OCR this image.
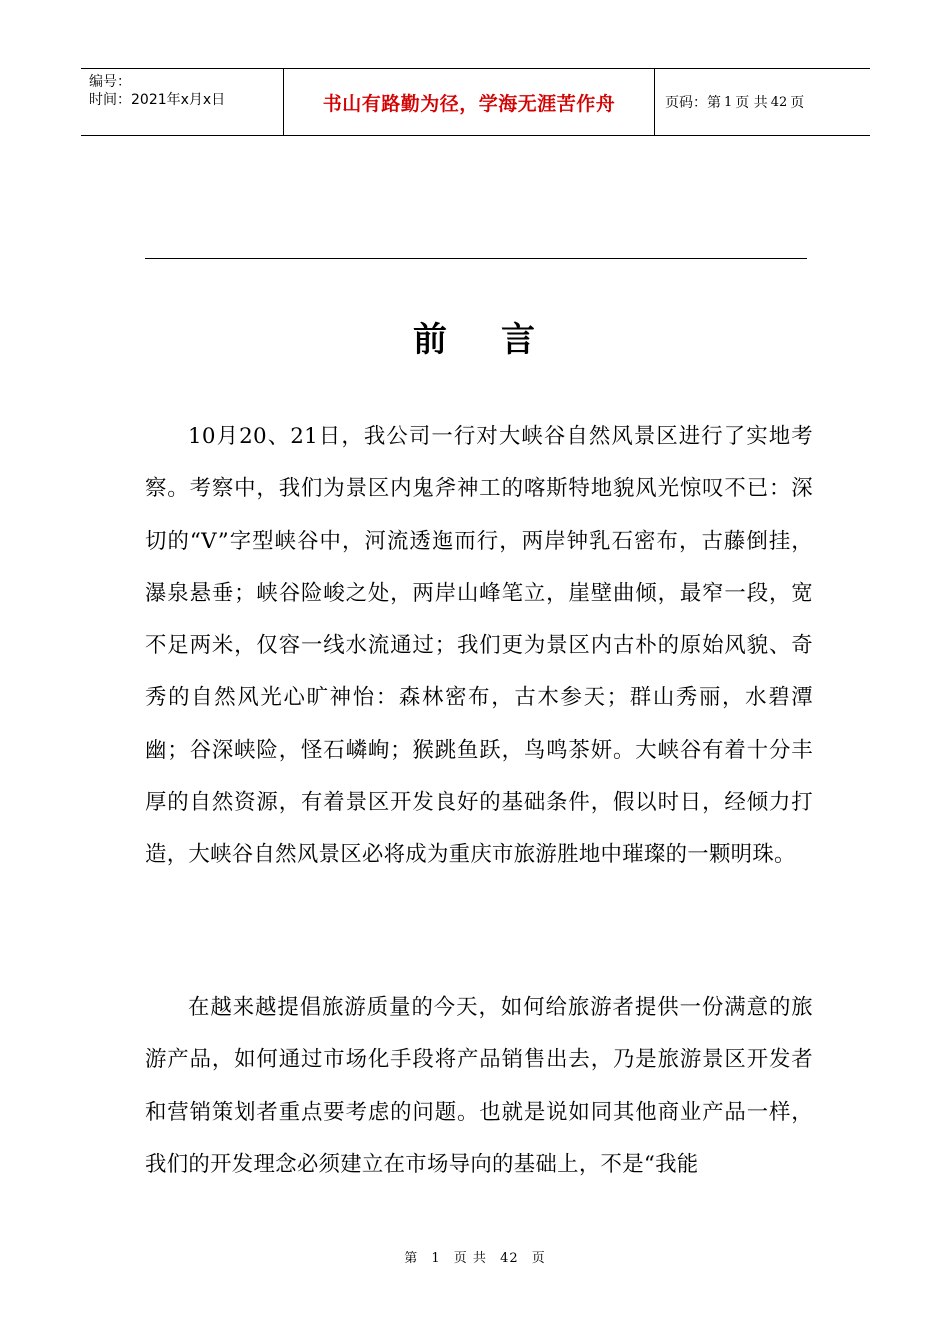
编号：
时间：2021年x月x日	书山有路勤为径，学海无涯苦作舟	页码：第 1 页 共 42 页
前 言

10月20、21日，我公司一行对大峡谷自然风景区进行了实地考察。考察中，我们为景区内鬼斧神工的喀斯特地貌风光惊叹不已：深切的“V”字型峡谷中，河流透迤而行，两岸钟乳石密布，古藤倒挂，瀑泉悬垂；峡谷险峻之处，两岸山峰笔立，崖壁曲倾，最窄一段，宽不足两米，仅容一线水流通过；我们更为景区内古朴的原始风貌、奇秀的自然风光心旷神怡：森林密布，古木参天；群山秀丽，水碧潭幽；谷深峡险，怪石嶙峋；猴跳鱼跃，鸟鸣茶妍。大峡谷有着十分丰厚的自然资源，有着景区开发良好的基础条件，假以时日，经倾力打造，大峡谷自然风景区必将成为重庆市旅游胜地中璀璨的一颗明珠。

在越来越提倡旅游质量的今天，如何给旅游者提供一份满意的旅游产品，如何通过市场化手段将产品销售出去，乃是旅游景区开发者和营销策划者重点要考虑的问题。也就是说如同其他商业产品一样，我们的开发理念必须建立在市场导向的基础上，不是“我能

第 1 页 共 42 页
